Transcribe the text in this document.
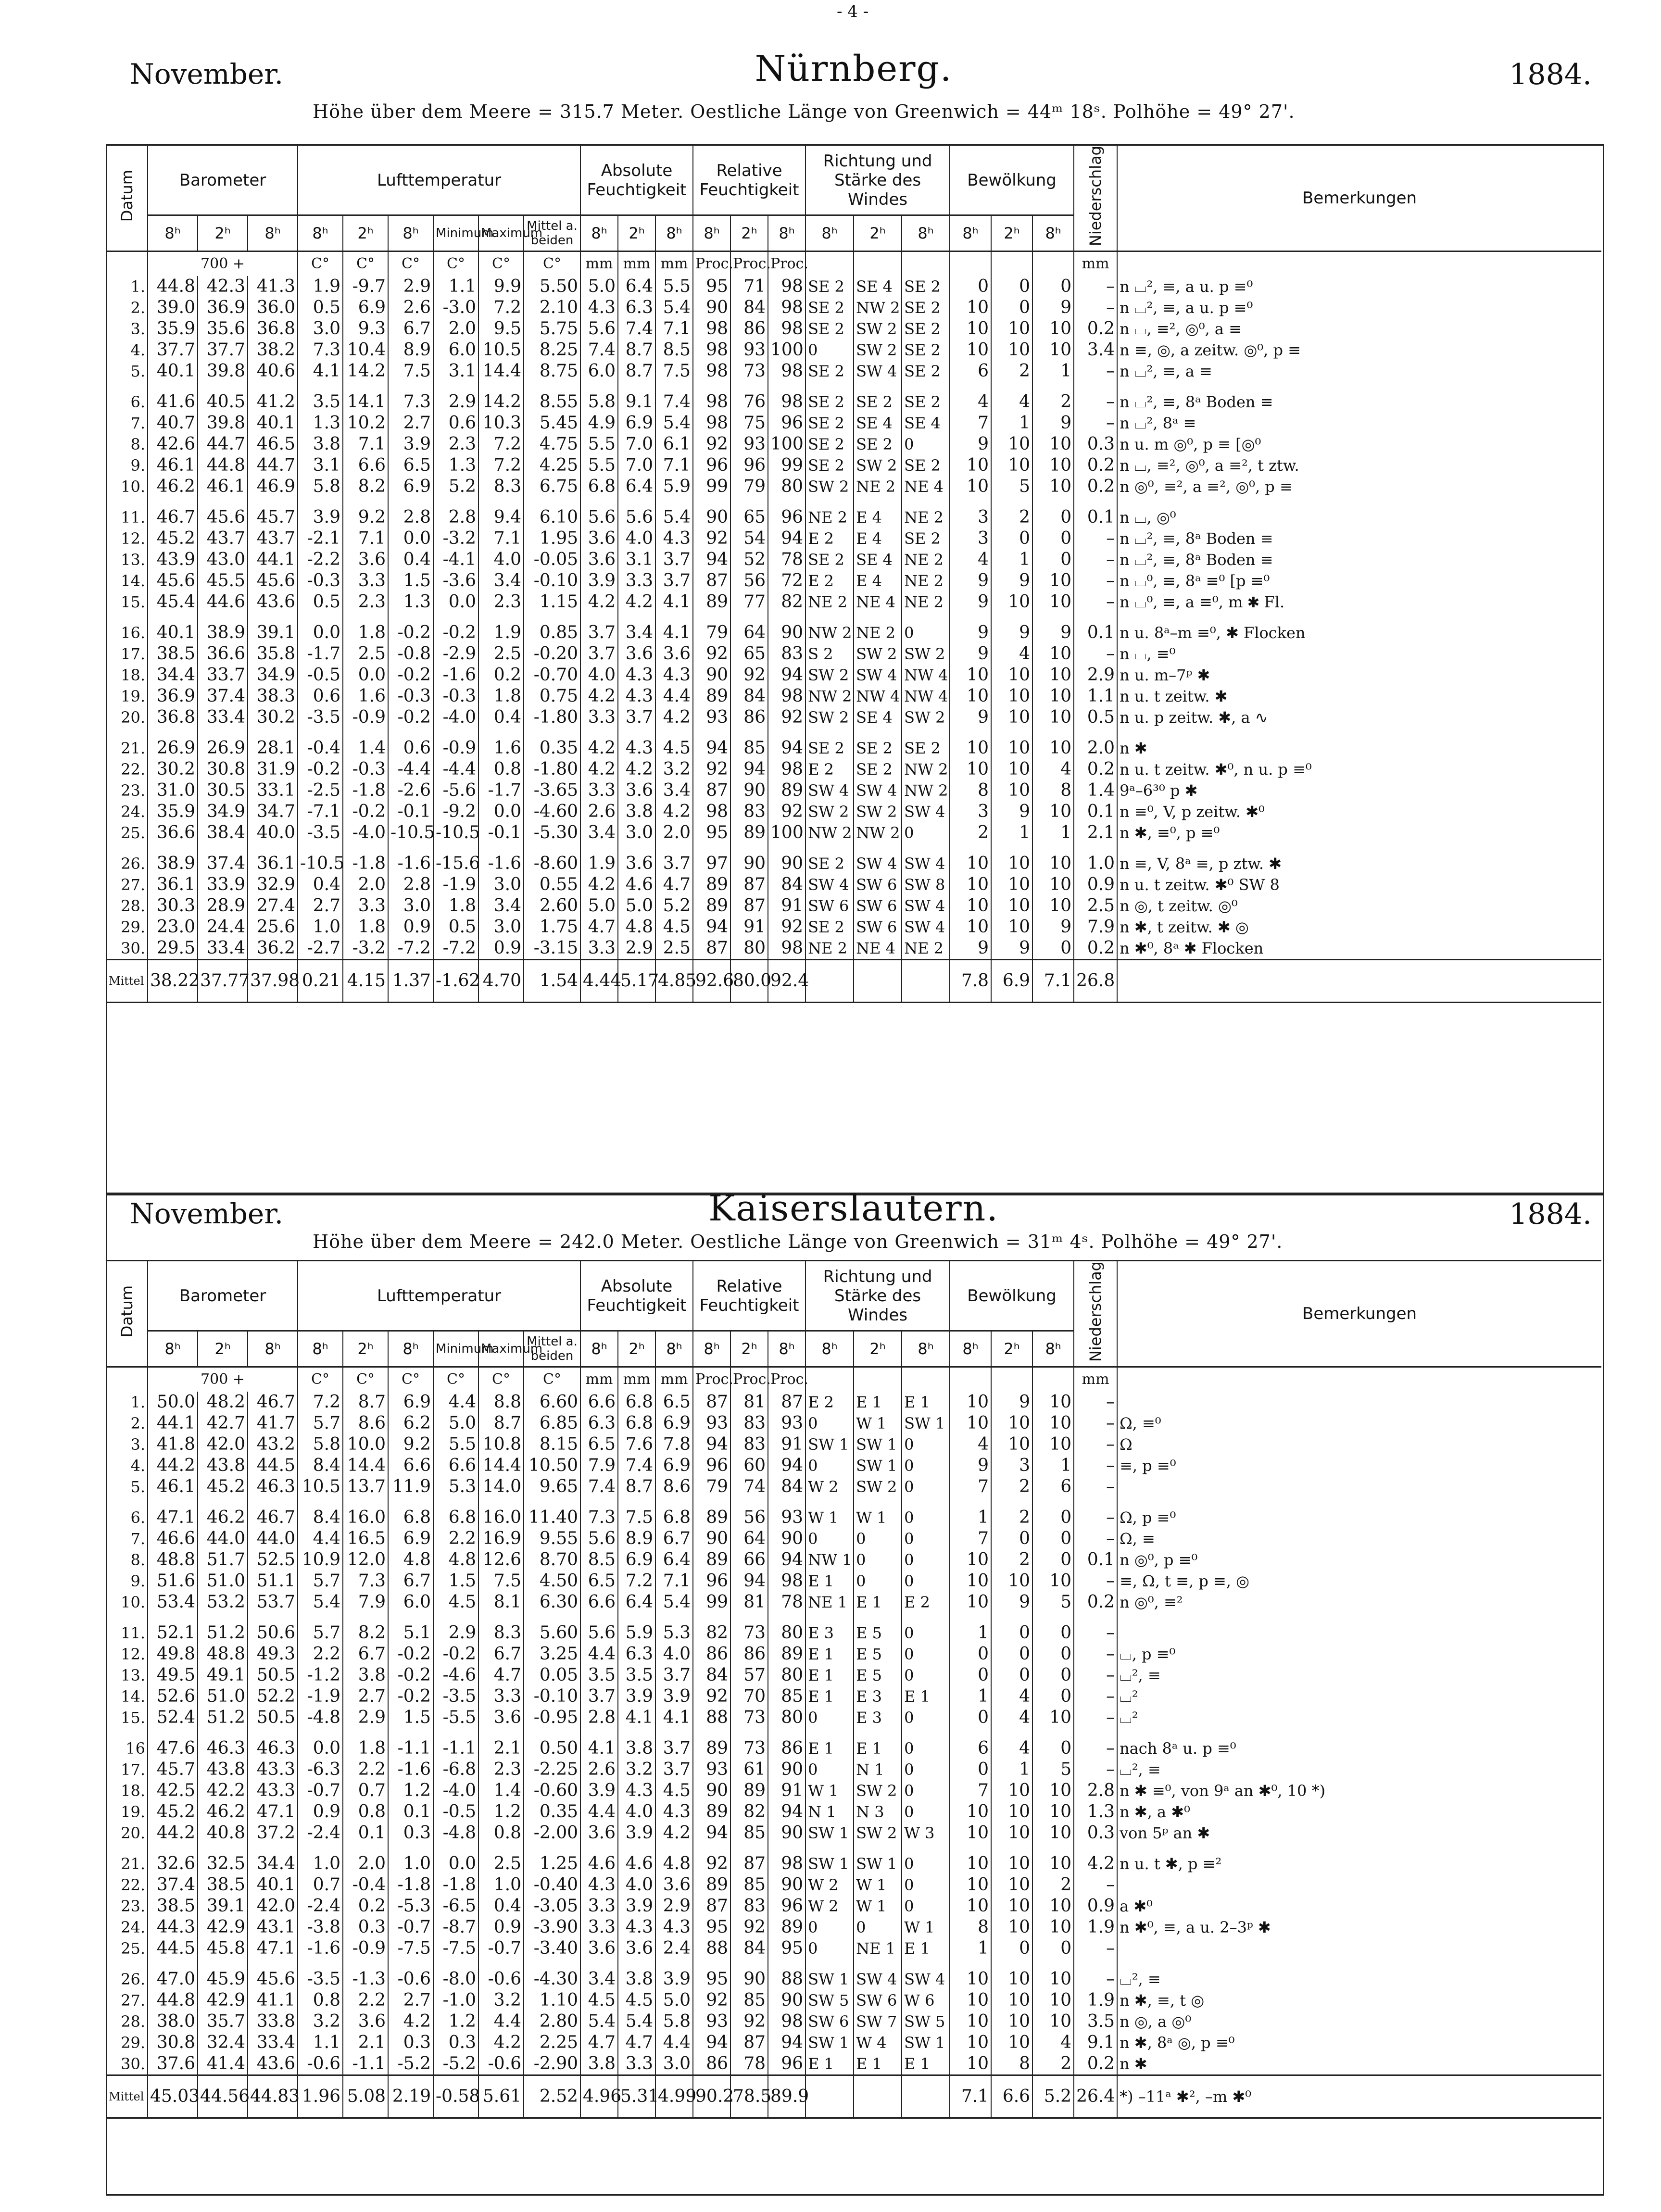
- 4 -
November.	Nürnberg.	1884.
Höhe über dem Meere = 315.7 Meter. Oestliche Länge von Greenwich = 44ᵐ 18ˢ. Polhöhe = 49° 27'.
Datum	Barometer			Lufttemperatur						Absolute Feuchtigkeit			Relative Feuchtigkeit			Richtung und Stärke des Windes			Bewölkung			Niederschlag	Bemerkungen
	8ʰ	2ʰ	8ʰ	8ʰ	2ʰ	8ʰ	Minimum	Maximum	Mittel a. beiden	8ʰ	2ʰ	8ʰ	8ʰ	2ʰ	8ʰ	8ʰ	2ʰ	8ʰ	8ʰ	2ʰ	8ʰ		
	700 +			C°	C°	C°	C°	C°	C°	mm	mm	mm	Proc.	Proc.	Proc.							mm	
1.	44.8	42.3	41.3	1.9	-9.7	2.9	1.1	9.9	5.50	5.0	6.4	5.5	95	71	98	SE 2	SE 4	SE 2	0	0	0	–	n ⌴², ≡, a u. p ≡⁰
2.	39.0	36.9	36.0	0.5	6.9	2.6	-3.0	7.2	2.10	4.3	6.3	5.4	90	84	98	SE 2	NW 2	SE 2	10	0	9	–	n ⌴², ≡, a u. p ≡⁰
3.	35.9	35.6	36.8	3.0	9.3	6.7	2.0	9.5	5.75	5.6	7.4	7.1	98	86	98	SE 2	SW 2	SE 2	10	10	10	0.2	n ⌴, ≡², ◎⁰, a ≡
4.	37.7	37.7	38.2	7.3	10.4	8.9	6.0	10.5	8.25	7.4	8.7	8.5	98	93	100	0	SW 2	SE 2	10	10	10	3.4	n ≡, ◎, a zeitw. ◎⁰, p ≡
5.	40.1	39.8	40.6	4.1	14.2	7.5	3.1	14.4	8.75	6.0	8.7	7.5	98	73	98	SE 2	SW 4	SE 2	6	2	1	–	n ⌴², ≡, a ≡

6.	41.6	40.5	41.2	3.5	14.1	7.3	2.9	14.2	8.55	5.8	9.1	7.4	98	76	98	SE 2	SE 2	SE 2	4	4	2	–	n ⌴², ≡, 8ᵃ Boden ≡
7.	40.7	39.8	40.1	1.3	10.2	2.7	0.6	10.3	5.45	4.9	6.9	5.4	98	75	96	SE 2	SE 4	SE 4	7	1	9	–	n ⌴², 8ᵃ ≡
8.	42.6	44.7	46.5	3.8	7.1	3.9	2.3	7.2	4.75	5.5	7.0	6.1	92	93	100	SE 2	SE 2	0	9	10	10	0.3	n u. m ◎⁰, p ≡ [◎⁰
9.	46.1	44.8	44.7	3.1	6.6	6.5	1.3	7.2	4.25	5.5	7.0	7.1	96	96	99	SE 2	SW 2	SE 2	10	10	10	0.2	n ⌴, ≡², ◎⁰, a ≡², t ztw.
10.	46.2	46.1	46.9	5.8	8.2	6.9	5.2	8.3	6.75	6.8	6.4	5.9	99	79	80	SW 2	NE 2	NE 4	10	5	10	0.2	n ◎⁰, ≡², a ≡², ◎⁰, p ≡

11.	46.7	45.6	45.7	3.9	9.2	2.8	2.8	9.4	6.10	5.6	5.6	5.4	90	65	96	NE 2	E 4	NE 2	3	2	0	0.1	n ⌴, ◎⁰
12.	45.2	43.7	43.7	-2.1	7.1	0.0	-3.2	7.1	1.95	3.6	4.0	4.3	92	54	94	E 2	E 4	SE 2	3	0	0	–	n ⌴², ≡, 8ᵃ Boden ≡
13.	43.9	43.0	44.1	-2.2	3.6	0.4	-4.1	4.0	-0.05	3.6	3.1	3.7	94	52	78	SE 2	SE 4	NE 2	4	1	0	–	n ⌴², ≡, 8ᵃ Boden ≡
14.	45.6	45.5	45.6	-0.3	3.3	1.5	-3.6	3.4	-0.10	3.9	3.3	3.7	87	56	72	E 2	E 4	NE 2	9	9	10	–	n ⌴⁰, ≡, 8ᵃ ≡⁰ [p ≡⁰
15.	45.4	44.6	43.6	0.5	2.3	1.3	0.0	2.3	1.15	4.2	4.2	4.1	89	77	82	NE 2	NE 4	NE 2	9	10	10	–	n ⌴⁰, ≡, a ≡⁰, m ✱ Fl.

16.	40.1	38.9	39.1	0.0	1.8	-0.2	-0.2	1.9	0.85	3.7	3.4	4.1	79	64	90	NW 2	NE 2	0	9	9	9	0.1	n u. 8ᵃ–m ≡⁰, ✱ Flocken
17.	38.5	36.6	35.8	-1.7	2.5	-0.8	-2.9	2.5	-0.20	3.7	3.6	3.6	92	65	83	S 2	SW 2	SW 2	9	4	10	–	n ⌴, ≡⁰
18.	34.4	33.7	34.9	-0.5	0.0	-0.2	-1.6	0.2	-0.70	4.0	4.3	4.3	90	92	94	SW 2	SW 4	NW 4	10	10	10	2.9	n u. m–7ᵖ ✱
19.	36.9	37.4	38.3	0.6	1.6	-0.3	-0.3	1.8	0.75	4.2	4.3	4.4	89	84	98	NW 2	NW 4	NW 4	10	10	10	1.1	n u. t zeitw. ✱
20.	36.8	33.4	30.2	-3.5	-0.9	-0.2	-4.0	0.4	-1.80	3.3	3.7	4.2	93	86	92	SW 2	SE 4	SW 2	9	10	10	0.5	n u. p zeitw. ✱, a ∿

21.	26.9	26.9	28.1	-0.4	1.4	0.6	-0.9	1.6	0.35	4.2	4.3	4.5	94	85	94	SE 2	SE 2	SE 2	10	10	10	2.0	n ✱
22.	30.2	30.8	31.9	-0.2	-0.3	-4.4	-4.4	0.8	-1.80	4.2	4.2	3.2	92	94	98	E 2	SE 2	NW 2	10	10	4	0.2	n u. t zeitw. ✱⁰, n u. p ≡⁰
23.	31.0	30.5	33.1	-2.5	-1.8	-2.6	-5.6	-1.7	-3.65	3.3	3.6	3.4	87	90	89	SW 4	SW 4	NW 2	8	10	8	1.4	9ᵃ–6³⁰ p ✱
24.	35.9	34.9	34.7	-7.1	-0.2	-0.1	-9.2	0.0	-4.60	2.6	3.8	4.2	98	83	92	SW 2	SW 2	SW 4	3	9	10	0.1	n ≡⁰, V, p zeitw. ✱⁰
25.	36.6	38.4	40.0	-3.5	-4.0	-10.5	-10.5	-0.1	-5.30	3.4	3.0	2.0	95	89	100	NW 2	NW 2	0	2	1	1	2.1	n ✱, ≡⁰, p ≡⁰

26.	38.9	37.4	36.1	-10.5	-1.8	-1.6	-15.6	-1.6	-8.60	1.9	3.6	3.7	97	90	90	SE 2	SW 4	SW 4	10	10	10	1.0	n ≡, V, 8ᵃ ≡, p ztw. ✱
27.	36.1	33.9	32.9	0.4	2.0	2.8	-1.9	3.0	0.55	4.2	4.6	4.7	89	87	84	SW 4	SW 6	SW 8	10	10	10	0.9	n u. t zeitw. ✱⁰ SW 8
28.	30.3	28.9	27.4	2.7	3.3	3.0	1.8	3.4	2.60	5.0	5.0	5.2	89	87	91	SW 6	SW 6	SW 4	10	10	10	2.5	n ◎, t zeitw. ◎⁰
29.	23.0	24.4	25.6	1.0	1.8	0.9	0.5	3.0	1.75	4.7	4.8	4.5	94	91	92	SE 2	SW 6	SW 4	10	10	9	7.9	n ✱, t zeitw. ✱ ◎
30.	29.5	33.4	36.2	-2.7	-3.2	-7.2	-7.2	0.9	-3.15	3.3	2.9	2.5	87	80	98	NE 2	NE 4	NE 2	9	9	0	0.2	n ✱⁰, 8ᵃ ✱ Flocken
Mittel	38.22	37.77	37.98	0.21	4.15	1.37	-1.62	4.70	1.54	4.44	5.17	4.85	92.6	80.0	92.4				7.8	6.9	7.1	26.8	
November.	Kaiserslautern.	1884.
Höhe über dem Meere = 242.0 Meter. Oestliche Länge von Greenwich = 31ᵐ 4ˢ. Polhöhe = 49° 27'.
Datum	Barometer			Lufttemperatur						Absolute Feuchtigkeit			Relative Feuchtigkeit			Richtung und Stärke des Windes			Bewölkung			Niederschlag	Bemerkungen
	8ʰ	2ʰ	8ʰ	8ʰ	2ʰ	8ʰ	Minimum	Maximum	Mittel a. beiden	8ʰ	2ʰ	8ʰ	8ʰ	2ʰ	8ʰ	8ʰ	2ʰ	8ʰ	8ʰ	2ʰ	8ʰ		
	700 +			C°	C°	C°	C°	C°	C°	mm	mm	mm	Proc.	Proc.	Proc.							mm	
1.	50.0	48.2	46.7	7.2	8.7	6.9	4.4	8.8	6.60	6.6	6.8	6.5	87	81	87	E 2	E 1	E 1	10	9	10	–	
2.	44.1	42.7	41.7	5.7	8.6	6.2	5.0	8.7	6.85	6.3	6.8	6.9	93	83	93	0	W 1	SW 1	10	10	10	–	Ω, ≡⁰
3.	41.8	42.0	43.2	5.8	10.0	9.2	5.5	10.8	8.15	6.5	7.6	7.8	94	83	91	SW 1	SW 1	0	4	10	10	–	Ω
4.	44.2	43.8	44.5	8.4	14.4	6.6	6.6	14.4	10.50	7.9	7.4	6.9	96	60	94	0	SW 1	0	9	3	1	–	≡, p ≡⁰
5.	46.1	45.2	46.3	10.5	13.7	11.9	5.3	14.0	9.65	7.4	8.7	8.6	79	74	84	W 2	SW 2	0	7	2	6	–	

6.	47.1	46.2	46.7	8.4	16.0	6.8	6.8	16.0	11.40	7.3	7.5	6.8	89	56	93	W 1	W 1	0	1	2	0	–	Ω, p ≡⁰
7.	46.6	44.0	44.0	4.4	16.5	6.9	2.2	16.9	9.55	5.6	8.9	6.7	90	64	90	0	0	0	7	0	0	–	Ω, ≡
8.	48.8	51.7	52.5	10.9	12.0	4.8	4.8	12.6	8.70	8.5	6.9	6.4	89	66	94	NW 1	0	0	10	2	0	0.1	n ◎⁰, p ≡⁰
9.	51.6	51.0	51.1	5.7	7.3	6.7	1.5	7.5	4.50	6.5	7.2	7.1	96	94	98	E 1	0	0	10	10	10	–	≡, Ω, t ≡, p ≡, ◎
10.	53.4	53.2	53.7	5.4	7.9	6.0	4.5	8.1	6.30	6.6	6.4	5.4	99	81	78	NE 1	E 1	E 2	10	9	5	0.2	n ◎⁰, ≡²

11.	52.1	51.2	50.6	5.7	8.2	5.1	2.9	8.3	5.60	5.6	5.9	5.3	82	73	80	E 3	E 5	0	1	0	0	–	
12.	49.8	48.8	49.3	2.2	6.7	-0.2	-0.2	6.7	3.25	4.4	6.3	4.0	86	86	89	E 1	E 5	0	0	0	0	–	⌴, p ≡⁰
13.	49.5	49.1	50.5	-1.2	3.8	-0.2	-4.6	4.7	0.05	3.5	3.5	3.7	84	57	80	E 1	E 5	0	0	0	0	–	⌴², ≡
14.	52.6	51.0	52.2	-1.9	2.7	-0.2	-3.5	3.3	-0.10	3.7	3.9	3.9	92	70	85	E 1	E 3	E 1	1	4	0	–	⌴²
15.	52.4	51.2	50.5	-4.8	2.9	1.5	-5.5	3.6	-0.95	2.8	4.1	4.1	88	73	80	0	E 3	0	0	4	10	–	⌴²

16	47.6	46.3	46.3	0.0	1.8	-1.1	-1.1	2.1	0.50	4.1	3.8	3.7	89	73	86	E 1	E 1	0	6	4	0	–	nach 8ᵃ u. p ≡⁰
17.	45.7	43.8	43.3	-6.3	2.2	-1.6	-6.8	2.3	-2.25	2.6	3.2	3.7	93	61	90	0	N 1	0	0	1	5	–	⌴², ≡
18.	42.5	42.2	43.3	-0.7	0.7	1.2	-4.0	1.4	-0.60	3.9	4.3	4.5	90	89	91	W 1	SW 2	0	7	10	10	2.8	n ✱ ≡⁰, von 9ᵃ an ✱⁰, 10 *)
19.	45.2	46.2	47.1	0.9	0.8	0.1	-0.5	1.2	0.35	4.4	4.0	4.3	89	82	94	N 1	N 3	0	10	10	10	1.3	n ✱, a ✱⁰
20.	44.2	40.8	37.2	-2.4	0.1	0.3	-4.8	0.8	-2.00	3.6	3.9	4.2	94	85	90	SW 1	SW 2	W 3	10	10	10	0.3	von 5ᵖ an ✱

21.	32.6	32.5	34.4	1.0	2.0	1.0	0.0	2.5	1.25	4.6	4.6	4.8	92	87	98	SW 1	SW 1	0	10	10	10	4.2	n u. t ✱, p ≡²
22.	37.4	38.5	40.1	0.7	-0.4	-1.8	-1.8	1.0	-0.40	4.3	4.0	3.6	89	85	90	W 2	W 1	0	10	10	2	–	
23.	38.5	39.1	42.0	-2.4	0.2	-5.3	-6.5	0.4	-3.05	3.3	3.9	2.9	87	83	96	W 2	W 1	0	10	10	10	0.9	a ✱⁰
24.	44.3	42.9	43.1	-3.8	0.3	-0.7	-8.7	0.9	-3.90	3.3	4.3	4.3	95	92	89	0	0	W 1	8	10	10	1.9	n ✱⁰, ≡, a u. 2–3ᵖ ✱
25.	44.5	45.8	47.1	-1.6	-0.9	-7.5	-7.5	-0.7	-3.40	3.6	3.6	2.4	88	84	95	0	NE 1	E 1	1	0	0	–	

26.	47.0	45.9	45.6	-3.5	-1.3	-0.6	-8.0	-0.6	-4.30	3.4	3.8	3.9	95	90	88	SW 1	SW 4	SW 4	10	10	10	–	⌴², ≡
27.	44.8	42.9	41.1	0.8	2.2	2.7	-1.0	3.2	1.10	4.5	4.5	5.0	92	85	90	SW 5	SW 6	W 6	10	10	10	1.9	n ✱, ≡, t ◎
28.	38.0	35.7	33.8	3.2	3.6	4.2	1.2	4.4	2.80	5.4	5.4	5.8	93	92	98	SW 6	SW 7	SW 5	10	10	10	3.5	n ◎, a ◎⁰
29.	30.8	32.4	33.4	1.1	2.1	0.3	0.3	4.2	2.25	4.7	4.7	4.4	94	87	94	SW 1	W 4	SW 1	10	10	4	9.1	n ✱, 8ᵃ ◎, p ≡⁰
30.	37.6	41.4	43.6	-0.6	-1.1	-5.2	-5.2	-0.6	-2.90	3.8	3.3	3.0	86	78	96	E 1	E 1	E 1	10	8	2	0.2	n ✱
Mittel	45.03	44.56	44.83	1.96	5.08	2.19	-0.58	5.61	2.52	4.96	5.31	4.99	90.2	78.5	89.9				7.1	6.6	5.2	26.4	*) –11ᵃ ✱², –m ✱⁰
